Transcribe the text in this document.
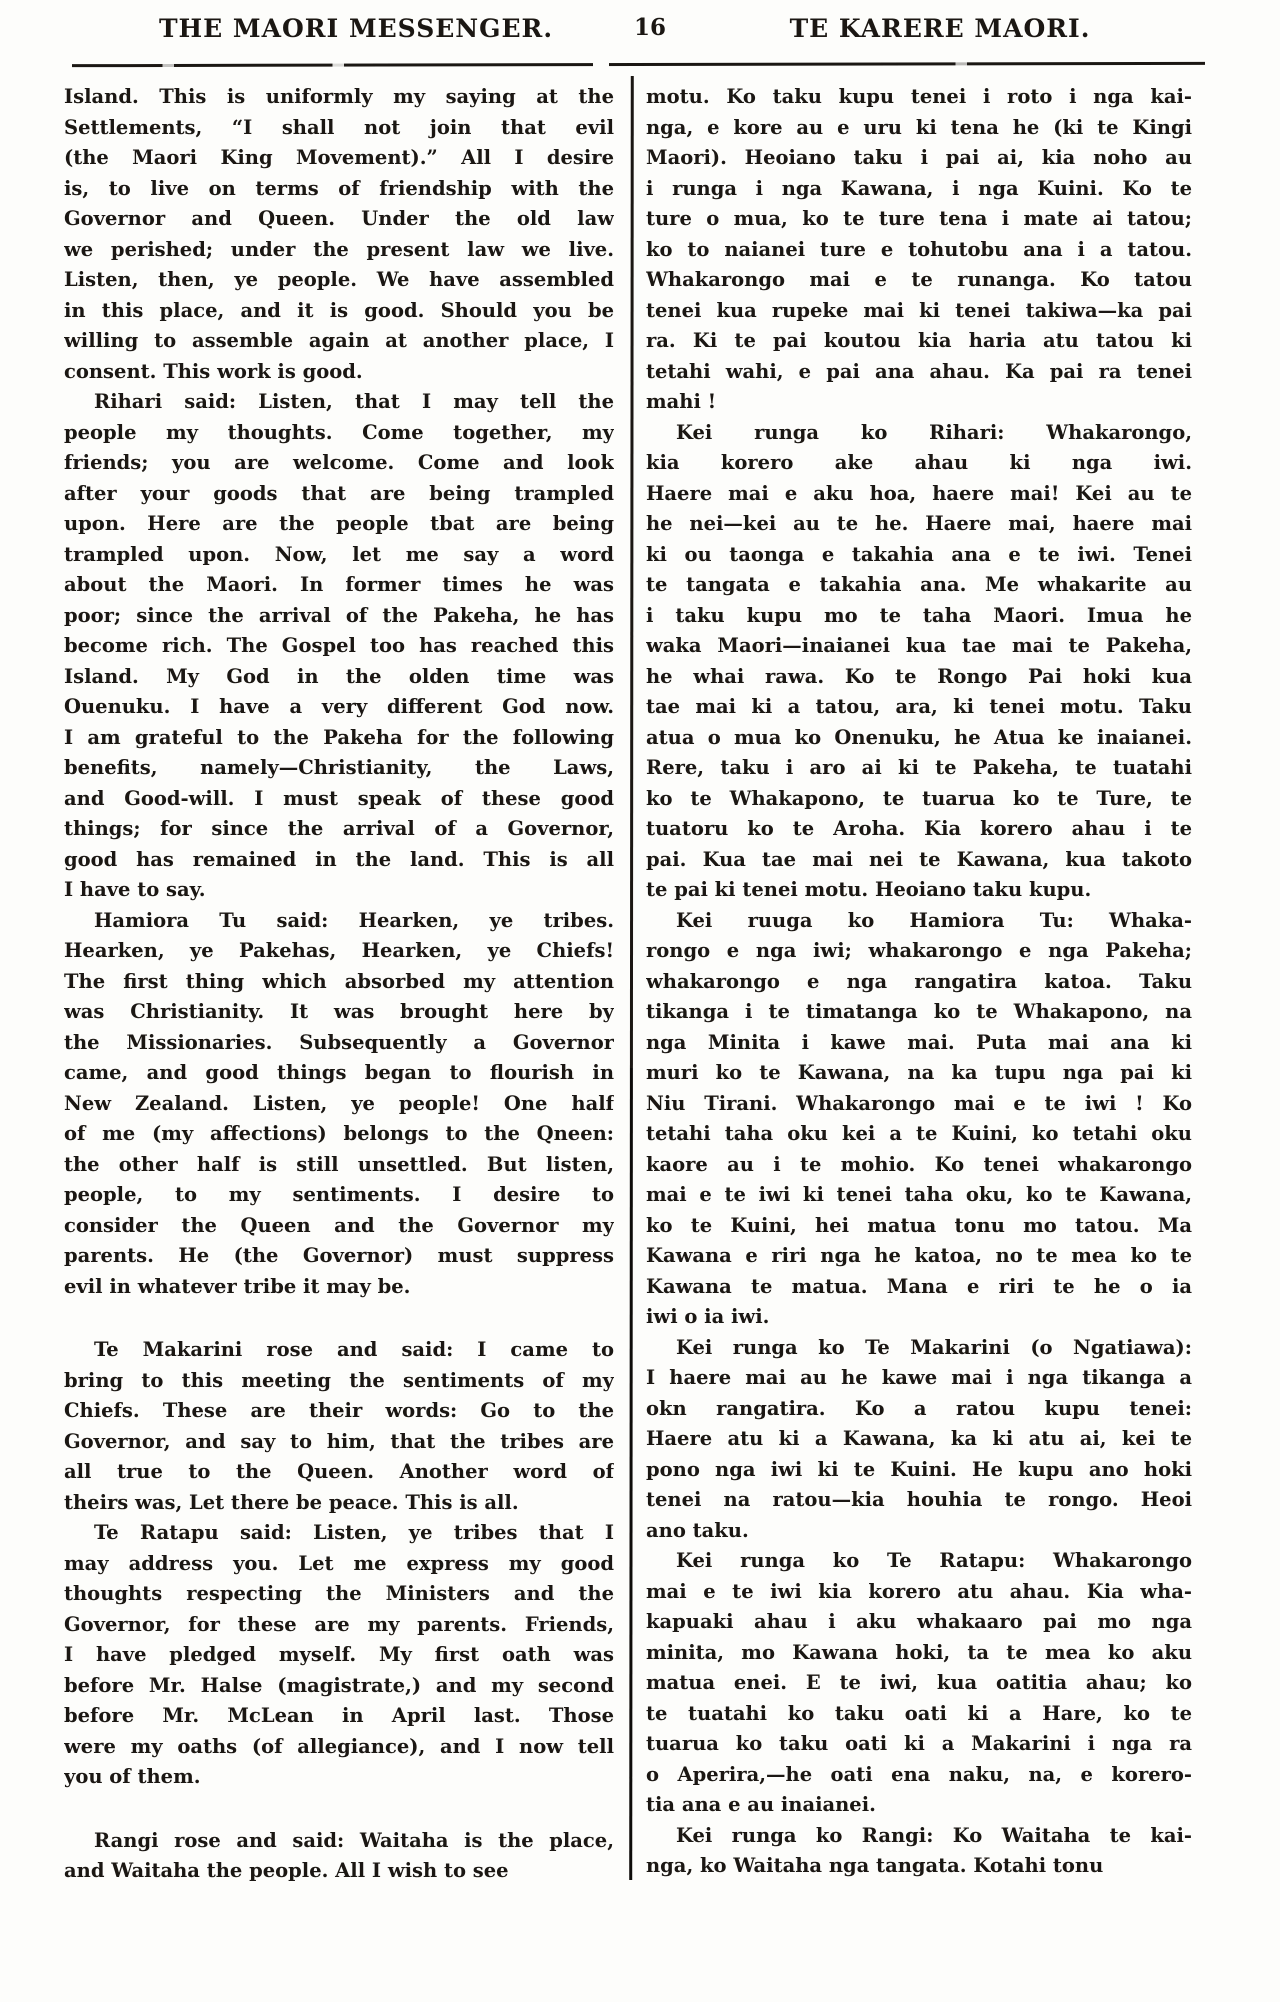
THE MAORI MESSENGER.	16	TE KARERE MAORI.
Island. This is uniformly my saying at the
Settlements, “I shall not join that evil
(the Maori King Movement).” All I desire
is, to live on terms of friendship with the
Governor and Queen. Under the old law
we perished; under the present law we live.
Listen, then, ye people. We have assembled
in this place, and it is good. Should you be
willing to assemble again at another place, I
consent. This work is good.
Rihari said: Listen, that I may tell the
people my thoughts. Come together, my
friends; you are welcome. Come and look
after your goods that are being trampled
upon. Here are the people tbat are being
trampled upon. Now, let me say a word
about the Maori. In former times he was
poor; since the arrival of the Pakeha, he has
become rich. The Gospel too has reached this
Island. My God in the olden time was
Ouenuku. I have a very different God now.
I am grateful to the Pakeha for the following
benefits, namely—Christianity, the Laws,
and Good-will. I must speak of these good
things; for since the arrival of a Governor,
good has remained in the land. This is all
I have to say.
Hamiora Tu said: Hearken, ye tribes.
Hearken, ye Pakehas, Hearken, ye Chiefs!
The first thing which absorbed my attention
was Christianity. It was brought here by
the Missionaries. Subsequently a Governor
came, and good things began to flourish in
New Zealand. Listen, ye people! One half
of me (my affections) belongs to the Qneen:
the other half is still unsettled. But listen,
people, to my sentiments. I desire to
consider the Queen and the Governor my
parents. He (the Governor) must suppress
evil in whatever tribe it may be.
Te Makarini rose and said: I came to
bring to this meeting the sentiments of my
Chiefs. These are their words: Go to the
Governor, and say to him, that the tribes are
all true to the Queen. Another word of
theirs was, Let there be peace. This is all.
Te Ratapu said: Listen, ye tribes that I
may address you. Let me express my good
thoughts respecting the Ministers and the
Governor, for these are my parents. Friends,
I have pledged myself. My first oath was
before Mr. Halse (magistrate,) and my second
before Mr. McLean in April last. Those
were my oaths (of allegiance), and I now tell
you of them.
Rangi rose and said: Waitaha is the place,
and Waitaha the people. All I wish to see
motu. Ko taku kupu tenei i roto i nga kai-
nga, e kore au e uru ki tena he (ki te Kingi
Maori). Heoiano taku i pai ai, kia noho au
i runga i nga Kawana, i nga Kuini. Ko te
ture o mua, ko te ture tena i mate ai tatou;
ko to naianei ture e tohutobu ana i a tatou.
Whakarongo mai e te runanga. Ko tatou
tenei kua rupeke mai ki tenei takiwa—ka pai
ra. Ki te pai koutou kia haria atu tatou ki
tetahi wahi, e pai ana ahau. Ka pai ra tenei
mahi !
Kei runga ko Rihari: Whakarongo,
kia korero ake ahau ki nga iwi.
Haere mai e aku hoa, haere mai! Kei au te
he nei—kei au te he. Haere mai, haere mai
ki ou taonga e takahia ana e te iwi. Tenei
te tangata e takahia ana. Me whakarite au
i taku kupu mo te taha Maori. Imua he
waka Maori—inaianei kua tae mai te Pakeha,
he whai rawa. Ko te Rongo Pai hoki kua
tae mai ki a tatou, ara, ki tenei motu. Taku
atua o mua ko Onenuku, he Atua ke inaianei.
Rere, taku i aro ai ki te Pakeha, te tuatahi
ko te Whakapono, te tuarua ko te Ture, te
tuatoru ko te Aroha. Kia korero ahau i te
pai. Kua tae mai nei te Kawana, kua takoto
te pai ki tenei motu. Heoiano taku kupu.
Kei ruuga ko Hamiora Tu: Whaka-
rongo e nga iwi; whakarongo e nga Pakeha;
whakarongo e nga rangatira katoa. Taku
tikanga i te timatanga ko te Whakapono, na
nga Minita i kawe mai. Puta mai ana ki
muri ko te Kawana, na ka tupu nga pai ki
Niu Tirani. Whakarongo mai e te iwi ! Ko
tetahi taha oku kei a te Kuini, ko tetahi oku
kaore au i te mohio. Ko tenei whakarongo
mai e te iwi ki tenei taha oku, ko te Kawana,
ko te Kuini, hei matua tonu mo tatou. Ma
Kawana e riri nga he katoa, no te mea ko te
Kawana te matua. Mana e riri te he o ia
iwi o ia iwi.
Kei runga ko Te Makarini (o Ngatiawa):
I haere mai au he kawe mai i nga tikanga a
okn rangatira. Ko a ratou kupu tenei:
Haere atu ki a Kawana, ka ki atu ai, kei te
pono nga iwi ki te Kuini. He kupu ano hoki
tenei na ratou—kia houhia te rongo. Heoi
ano taku.
Kei runga ko Te Ratapu: Whakarongo
mai e te iwi kia korero atu ahau. Kia wha-
kapuaki ahau i aku whakaaro pai mo nga
minita, mo Kawana hoki, ta te mea ko aku
matua enei. E te iwi, kua oatitia ahau; ko
te tuatahi ko taku oati ki a Hare, ko te
tuarua ko taku oati ki a Makarini i nga ra
o Aperira,—he oati ena naku, na, e korero-
tia ana e au inaianei.
Kei runga ko Rangi: Ko Waitaha te kai-
nga, ko Waitaha nga tangata. Kotahi tonu
